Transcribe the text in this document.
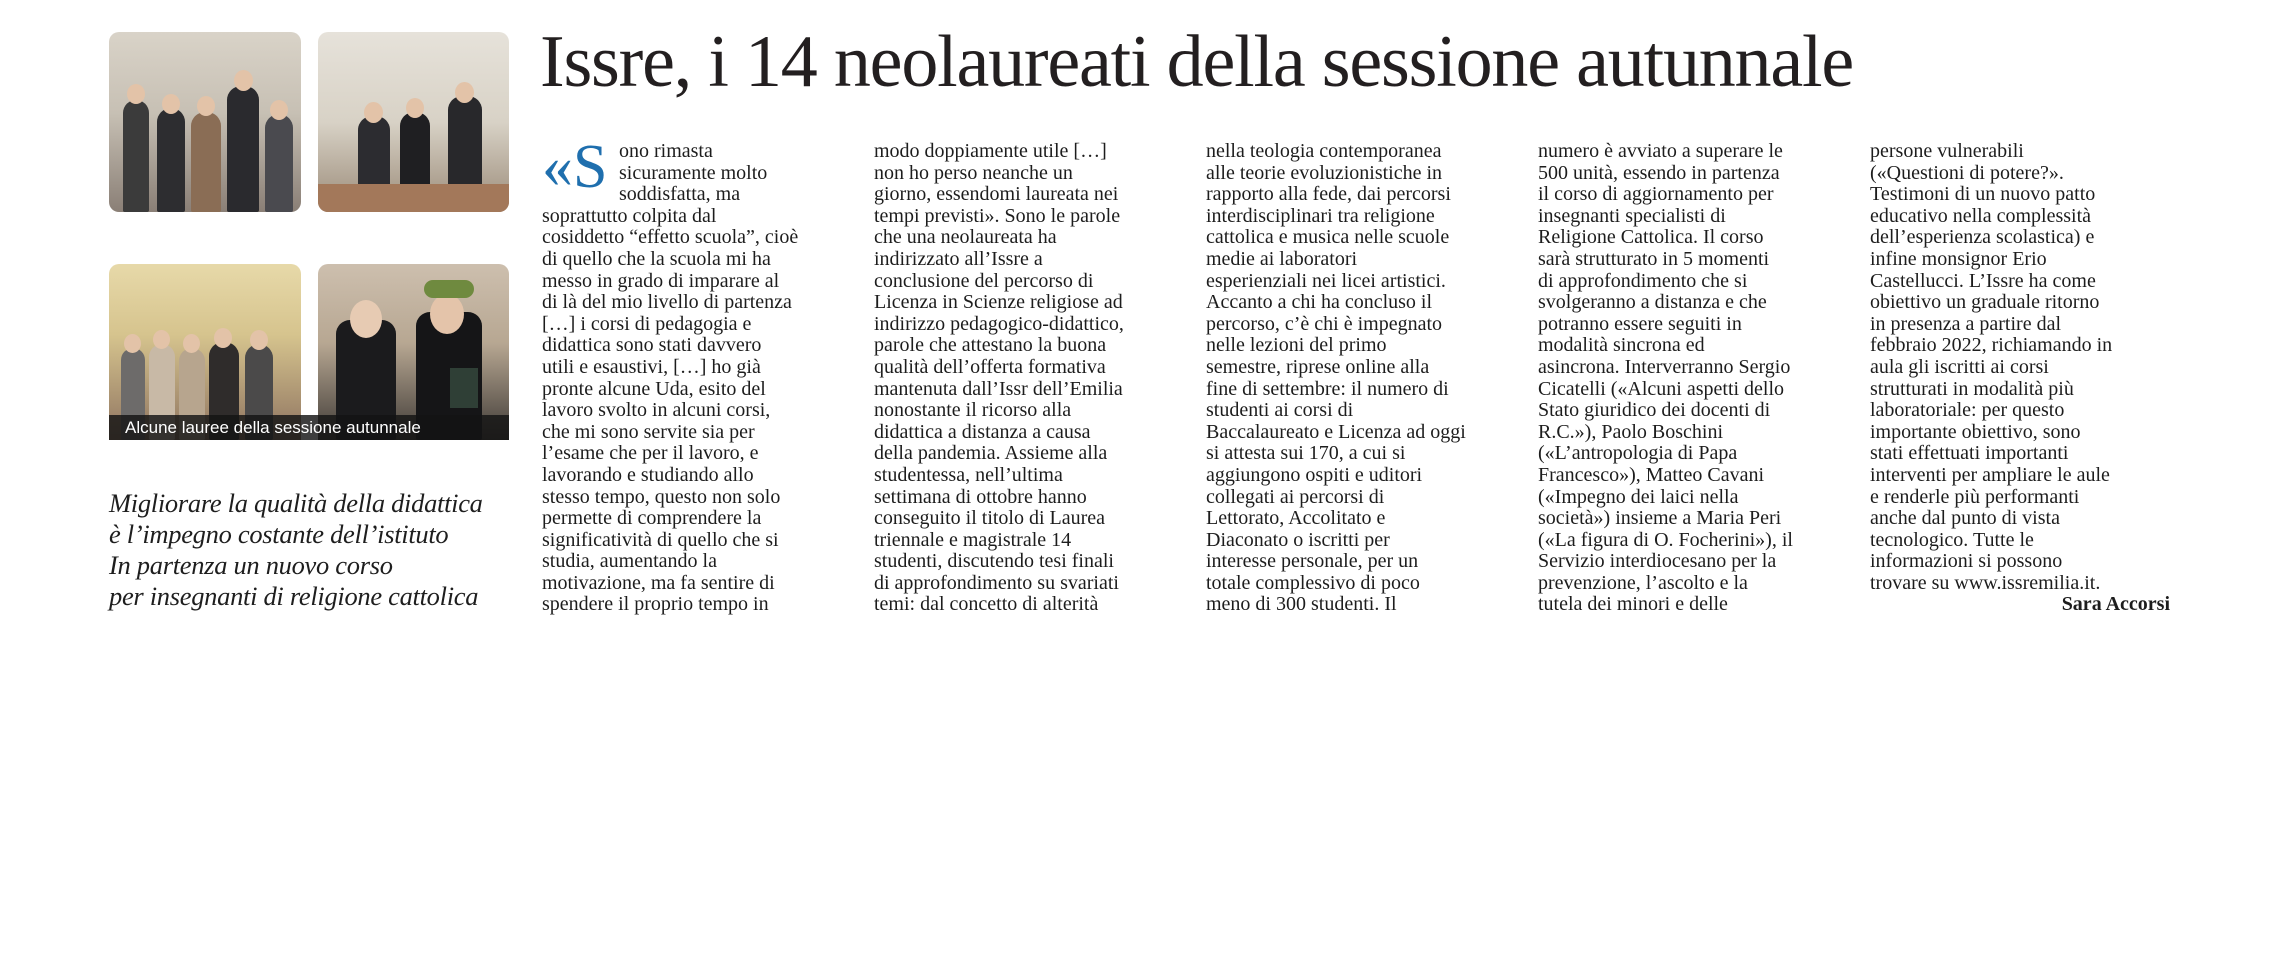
Alcune lauree della sessione autunnale
Migliorare la qualità della didattica
è l’impegno costante dell’istituto
In partenza un nuovo corso
per insegnanti di religione cattolica
Issre, i 14 neolaureati della sessione autunnale
«S ono rimasta
sicuramente molto
soddisfatta, ma
soprattutto colpita dal
cosiddetto “effetto scuola”, cioè
di quello che la scuola mi ha
messo in grado di imparare al
di là del mio livello di partenza
[…] i corsi di pedagogia e
didattica sono stati davvero
utili e esaustivi, […] ho già
pronte alcune Uda, esito del
lavoro svolto in alcuni corsi,
che mi sono servite sia per
l’esame che per il lavoro, e
lavorando e studiando allo
stesso tempo, questo non solo
permette di comprendere la
significatività di quello che si
studia, aumentando la
motivazione, ma fa sentire di
spendere il proprio tempo in
modo doppiamente utile […]
non ho perso neanche un
giorno, essendomi laureata nei
tempi previsti». Sono le parole
che una neolaureata ha
indirizzato all’Issre a
conclusione del percorso di
Licenza in Scienze religiose ad
indirizzo pedagogico-didattico,
parole che attestano la buona
qualità dell’offerta formativa
mantenuta dall’Issr dell’Emilia
nonostante il ricorso alla
didattica a distanza a causa
della pandemia. Assieme alla
studentessa, nell’ultima
settimana di ottobre hanno
conseguito il titolo di Laurea
triennale e magistrale 14
studenti, discutendo tesi finali
di approfondimento su svariati
temi: dal concetto di alterità
nella teologia contemporanea
alle teorie evoluzionistiche in
rapporto alla fede, dai percorsi
interdisciplinari tra religione
cattolica e musica nelle scuole
medie ai laboratori
esperienziali nei licei artistici.
Accanto a chi ha concluso il
percorso, c’è chi è impegnato
nelle lezioni del primo
semestre, riprese online alla
fine di settembre: il numero di
studenti ai corsi di
Baccalaureato e Licenza ad oggi
si attesta sui 170, a cui si
aggiungono ospiti e uditori
collegati ai percorsi di
Lettorato, Accolitato e
Diaconato o iscritti per
interesse personale, per un
totale complessivo di poco
meno di 300 studenti. Il
numero è avviato a superare le
500 unità, essendo in partenza
il corso di aggiornamento per
insegnanti specialisti di
Religione Cattolica. Il corso
sarà strutturato in 5 momenti
di approfondimento che si
svolgeranno a distanza e che
potranno essere seguiti in
modalità sincrona ed
asincrona. Interverranno Sergio
Cicatelli («Alcuni aspetti dello
Stato giuridico dei docenti di
R.C.»), Paolo Boschini
(«L’antropologia di Papa
Francesco»), Matteo Cavani
(«Impegno dei laici nella
società») insieme a Maria Peri
(«La figura di O. Focherini»), il
Servizio interdiocesano per la
prevenzione, l’ascolto e la
tutela dei minori e delle
persone vulnerabili
(«Questioni di potere?».
Testimoni di un nuovo patto
educativo nella complessità
dell’esperienza scolastica) e
infine monsignor Erio
Castellucci. L’Issre ha come
obiettivo un graduale ritorno
in presenza a partire dal
febbraio 2022, richiamando in
aula gli iscritti ai corsi
strutturati in modalità più
laboratoriale: per questo
importante obiettivo, sono
stati effettuati importanti
interventi per ampliare le aule
e renderle più performanti
anche dal punto di vista
tecnologico. Tutte le
informazioni si possono
trovare su www.issremilia.it.
Sara Accorsi
